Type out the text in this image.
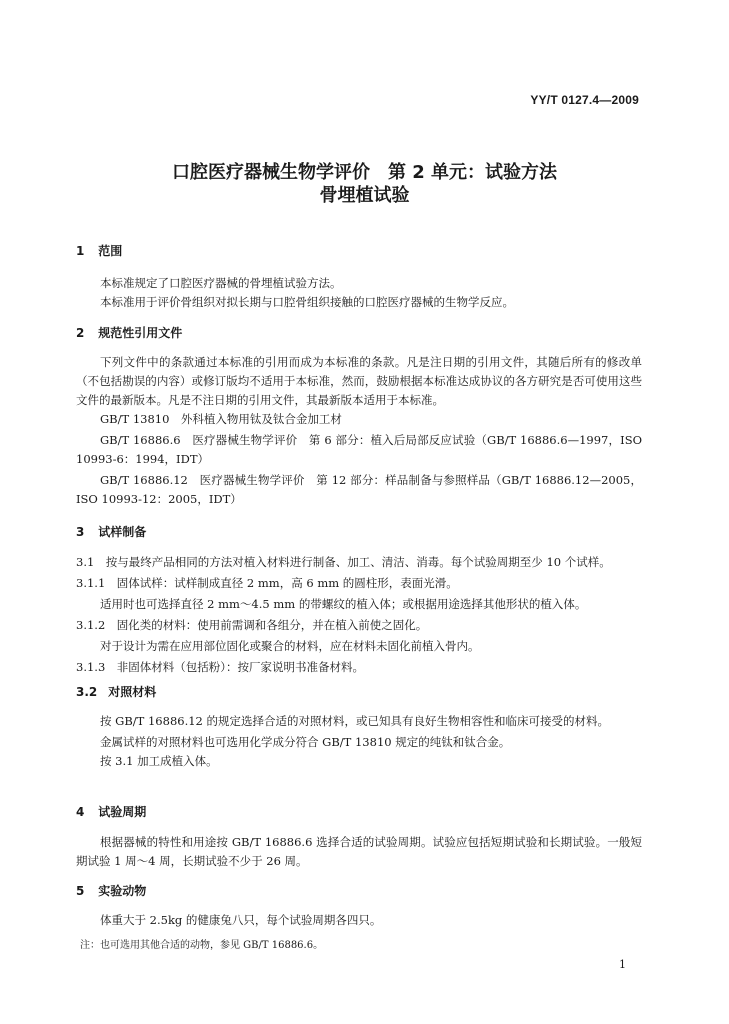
YY/T 0127.4—2009
口腔医疗器械生物学评价　第 2 单元：试验方法
骨埋植试验
1 范围
本标准规定了口腔医疗器械的骨埋植试验方法。
本标准用于评价骨组织对拟长期与口腔骨组织接触的口腔医疗器械的生物学反应。
2 规范性引用文件
下列文件中的条款通过本标准的引用而成为本标准的条款。凡是注日期的引用文件，其随后所有的修改单（不包括勘误的内容）或修订版均不适用于本标准，然而，鼓励根据本标准达成协议的各方研究是否可使用这些文件的最新版本。凡是不注日期的引用文件，其最新版本适用于本标准。
GB/T 13810　外科植入物用钛及钛合金加工材
GB/T 16886.6　医疗器械生物学评价　第 6 部分：植入后局部反应试验（GB/T 16886.6—1997，ISO 10993-6：1994，IDT）
GB/T 16886.12　医疗器械生物学评价　第 12 部分：样品制备与参照样品（GB/T 16886.12—2005，ISO 10993-12：2005，IDT）
3 试样制备
3.1　按与最终产品相同的方法对植入材料进行制备、加工、清洁、消毒。每个试验周期至少 10 个试样。
3.1.1　固体试样：试样制成直径 2 mm，高 6 mm 的圆柱形，表面光滑。
适用时也可选择直径 2 mm～4.5 mm 的带螺纹的植入体；或根据用途选择其他形状的植入体。
3.1.2　固化类的材料：使用前需调和各组分，并在植入前使之固化。
对于设计为需在应用部位固化或聚合的材料，应在材料未固化前植入骨内。
3.1.3　非固体材料（包括粉）：按厂家说明书准备材料。
3.2 对照材料
按 GB/T 16886.12 的规定选择合适的对照材料，或已知具有良好生物相容性和临床可接受的材料。
金属试样的对照材料也可选用化学成分符合 GB/T 13810 规定的纯钛和钛合金。
按 3.1 加工成植入体。
4 试验周期
根据器械的特性和用途按 GB/T 16886.6 选择合适的试验周期。试验应包括短期试验和长期试验。一般短期试验 1 周～4 周，长期试验不少于 26 周。
5 实验动物
体重大于 2.5kg 的健康兔八只，每个试验周期各四只。
注：也可选用其他合适的动物，参见 GB/T 16886.6。
1
